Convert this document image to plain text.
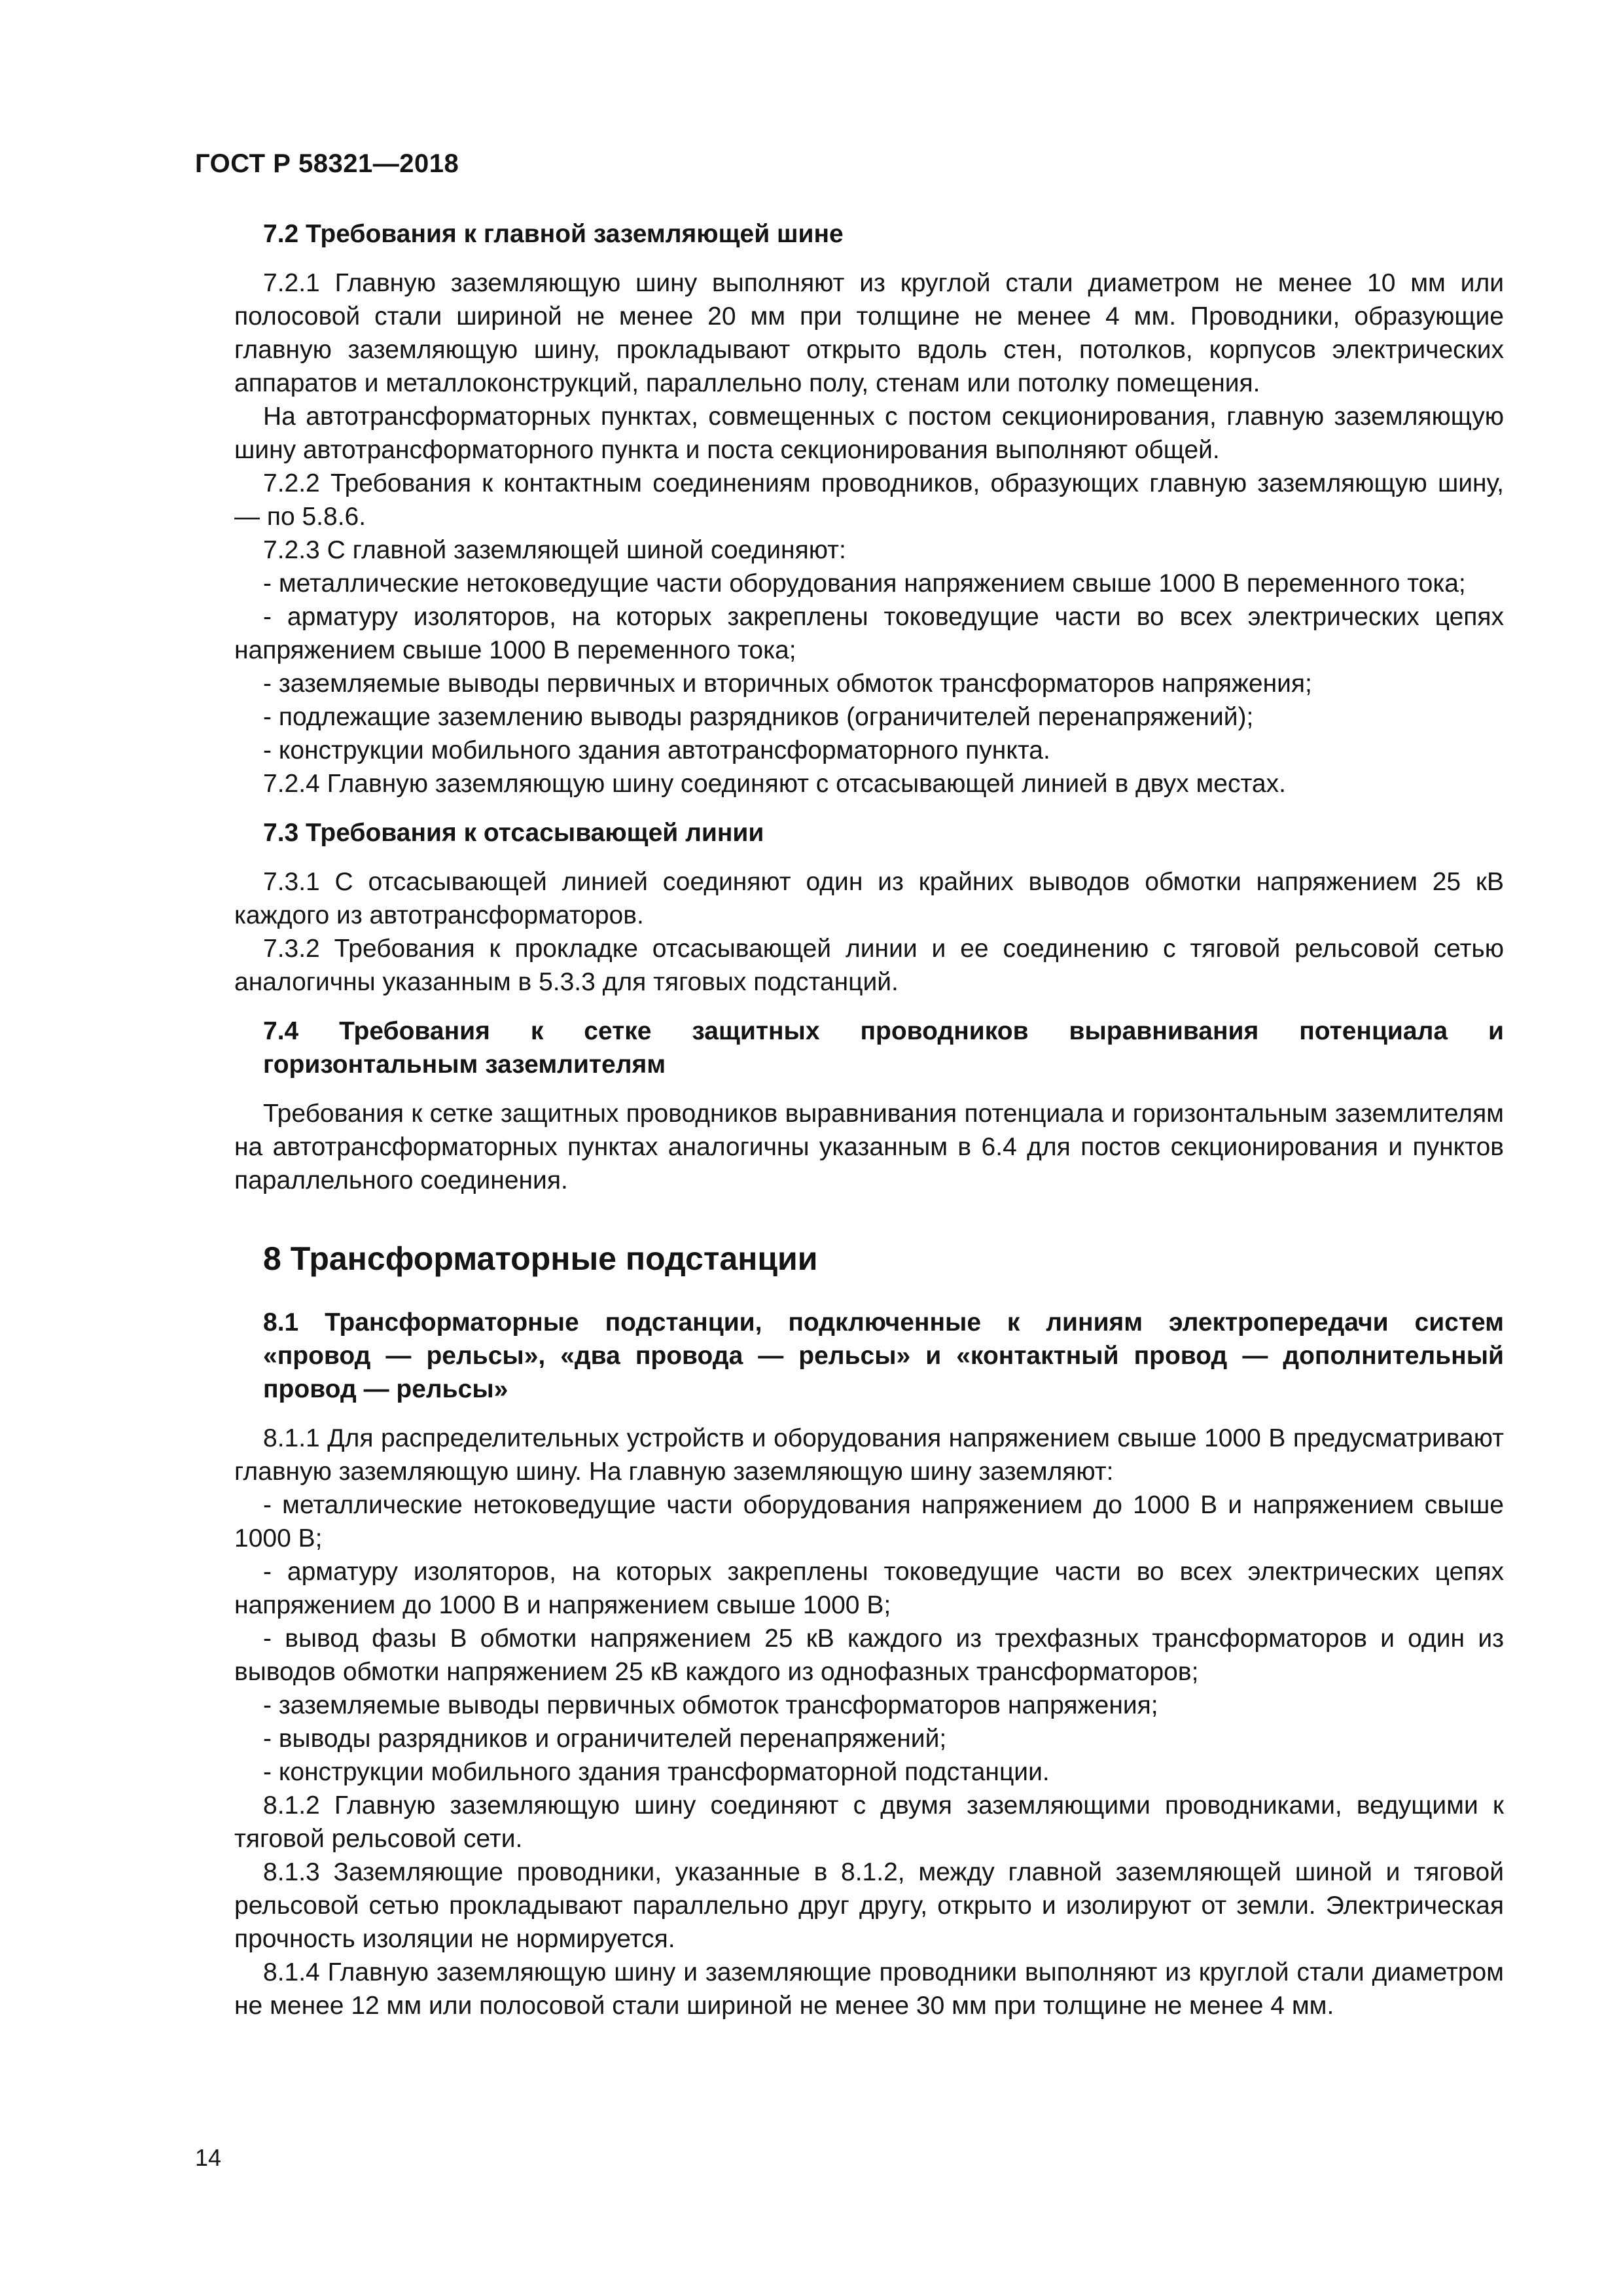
ГОСТ Р 58321—2018

7.2 Требования к главной заземляющей шине

7.2.1 Главную заземляющую шину выполняют из круглой стали диаметром не менее 10 мм или полосовой стали шириной не менее 20 мм при толщине не менее 4 мм. Проводники, образующие главную заземляющую шину, прокладывают открыто вдоль стен, потолков, корпусов электрических аппаратов и металлоконструкций, параллельно полу, стенам или потолку помещения.

На автотрансформаторных пунктах, совмещенных с постом секционирования, главную заземляющую шину автотрансформаторного пункта и поста секционирования выполняют общей.

7.2.2 Требования к контактным соединениям проводников, образующих главную заземляющую шину, — по 5.8.6.

7.2.3 С главной заземляющей шиной соединяют:

- металлические нетоковедущие части оборудования напряжением свыше 1000 В переменного тока;

- арматуру изоляторов, на которых закреплены токоведущие части во всех электрических цепях напряжением свыше 1000 В переменного тока;

- заземляемые выводы первичных и вторичных обмоток трансформаторов напряжения;

- подлежащие заземлению выводы разрядников (ограничителей перенапряжений);

- конструкции мобильного здания автотрансформаторного пункта.

7.2.4 Главную заземляющую шину соединяют с отсасывающей линией в двух местах.

7.3 Требования к отсасывающей линии

7.3.1 С отсасывающей линией соединяют один из крайних выводов обмотки напряжением 25 кВ каждого из автотрансформаторов.

7.3.2 Требования к прокладке отсасывающей линии и ее соединению с тяговой рельсовой сетью аналогичны указанным в 5.3.3 для тяговых подстанций.

7.4 Требования к сетке защитных проводников выравнивания потенциала и

горизонтальным заземлителям

Требования к сетке защитных проводников выравнивания потенциала и горизонтальным заземлителям на автотрансформаторных пунктах аналогичны указанным в 6.4 для постов секционирования и пунктов параллельного соединения.

8 Трансформаторные подстанции

8.1 Трансформаторные подстанции, подключенные к линиям электропередачи систем

«провод — рельсы», «два провода — рельсы» и «контактный провод — дополнительный

провод — рельсы»

8.1.1 Для распределительных устройств и оборудования напряжением свыше 1000 В предусматривают главную заземляющую шину. На главную заземляющую шину заземляют:

- металлические нетоковедущие части оборудования напряжением до 1000 В и напряжением свыше 1000 В;

- арматуру изоляторов, на которых закреплены токоведущие части во всех электрических цепях напряжением до 1000 В и напряжением свыше 1000 В;

- вывод фазы В обмотки напряжением 25 кВ каждого из трехфазных трансформаторов и один из выводов обмотки напряжением 25 кВ каждого из однофазных трансформаторов;

- заземляемые выводы первичных обмоток трансформаторов напряжения;

- выводы разрядников и ограничителей перенапряжений;

- конструкции мобильного здания трансформаторной подстанции.

8.1.2 Главную заземляющую шину соединяют с двумя заземляющими проводниками, ведущими к тяговой рельсовой сети.

8.1.3 Заземляющие проводники, указанные в 8.1.2, между главной заземляющей шиной и тяговой рельсовой сетью прокладывают параллельно друг другу, открыто и изолируют от земли. Электрическая прочность изоляции не нормируется.

8.1.4 Главную заземляющую шину и заземляющие проводники выполняют из круглой стали диаметром не менее 12 мм или полосовой стали шириной не менее 30 мм при толщине не менее 4 мм.

14
